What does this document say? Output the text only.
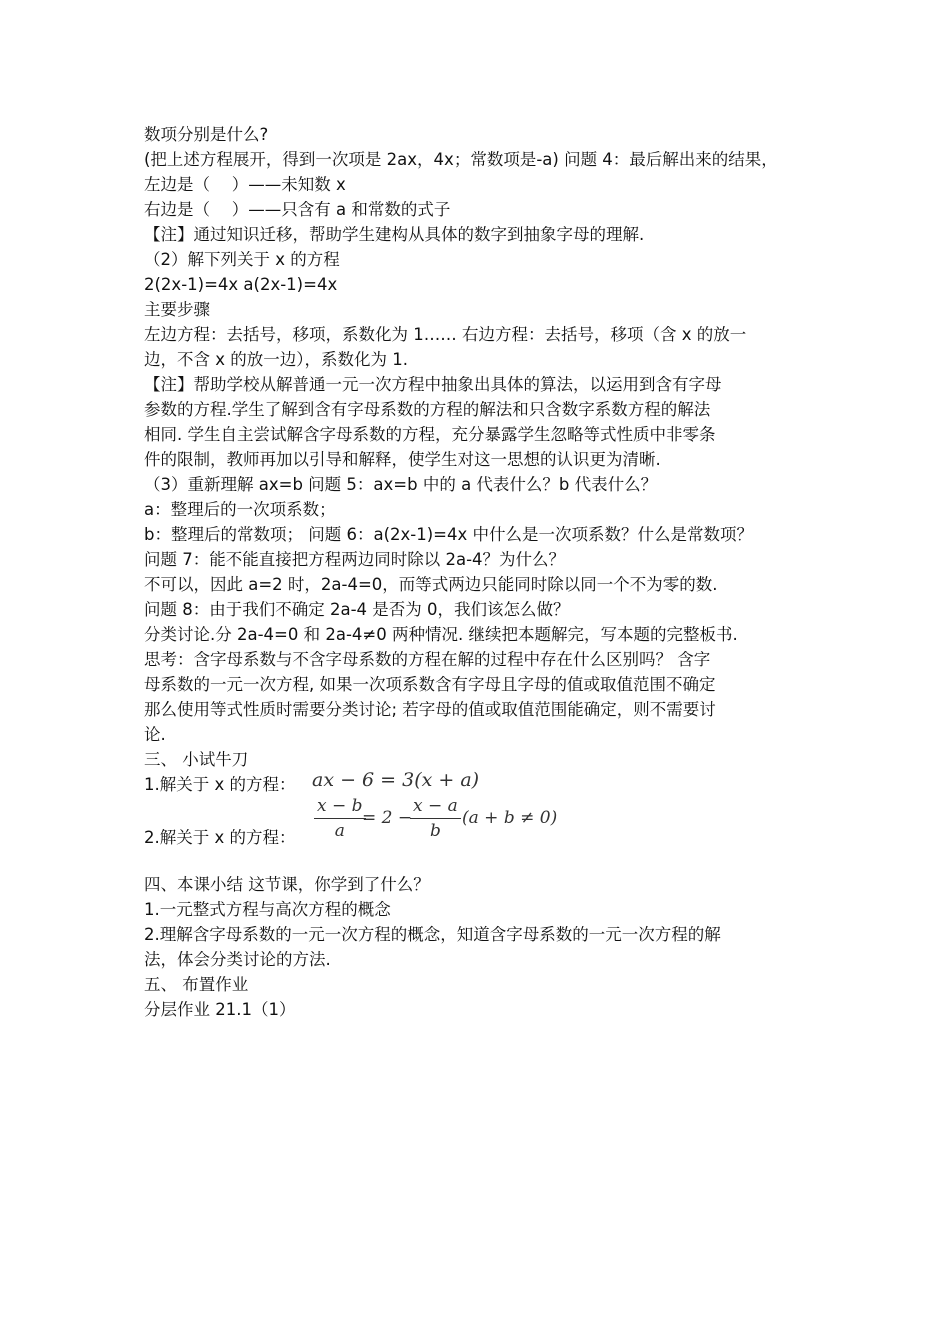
数项分别是什么?
(把上述方程展开，得到一次项是 2ax，4x；常数项是-a) 问题 4：最后解出来的结果，
左边是（　 ）——未知数 x
右边是（　 ）——只含有 a 和常数的式子
【注】通过知识迁移，帮助学生建构从具体的数字到抽象字母的理解.
（2）解下列关于 x 的方程
2(2x-1)=4x a(2x-1)=4x
主要步骤
左边方程：去括号，移项，系数化为 1…… 右边方程：去括号，移项（含 x 的放一
边，不含 x 的放一边），系数化为 1.
【注】帮助学校从解普通一元一次方程中抽象出具体的算法，以运用到含有字母
参数的方程.学生了解到含有字母系数的方程的解法和只含数字系数方程的解法
相同. 学生自主尝试解含字母系数的方程，充分暴露学生忽略等式性质中非零条
件的限制，教师再加以引导和解释，使学生对这一思想的认识更为清晰.
（3）重新理解 ax=b 问题 5：ax=b 中的 a 代表什么？b 代表什么？
a：整理后的一次项系数；
b：整理后的常数项； 问题 6：a(2x-1)=4x 中什么是一次项系数？什么是常数项？
问题 7：能不能直接把方程两边同时除以 2a-4？为什么？
不可以，因此 a=2 时，2a-4=0，而等式两边只能同时除以同一个不为零的数.
问题 8：由于我们不确定 2a-4 是否为 0，我们该怎么做？
分类讨论.分 2a-4=0 和 2a-4≠0 两种情况. 继续把本题解完，写本题的完整板书.
思考：含字母系数与不含字母系数的方程在解的过程中存在什么区别吗？ 含字
母系数的一元一次方程, 如果一次项系数含有字母且字母的值或取值范围不确定
那么使用等式性质时需要分类讨论; 若字母的值或取值范围能确定，则不需要讨
论.
三、 小试牛刀
1.解关于 x 的方程： ax − 6 = 3(x + a)
2.解关于 x 的方程：
x − b
a
= 2 −
x − a
b
(a + b ≠ 0)
四、本课小结 这节课，你学到了什么？
1.一元整式方程与高次方程的概念
2.理解含字母系数的一元一次方程的概念，知道含字母系数的一元一次方程的解
法，体会分类讨论的方法.
五、 布置作业
分层作业 21.1（1）
